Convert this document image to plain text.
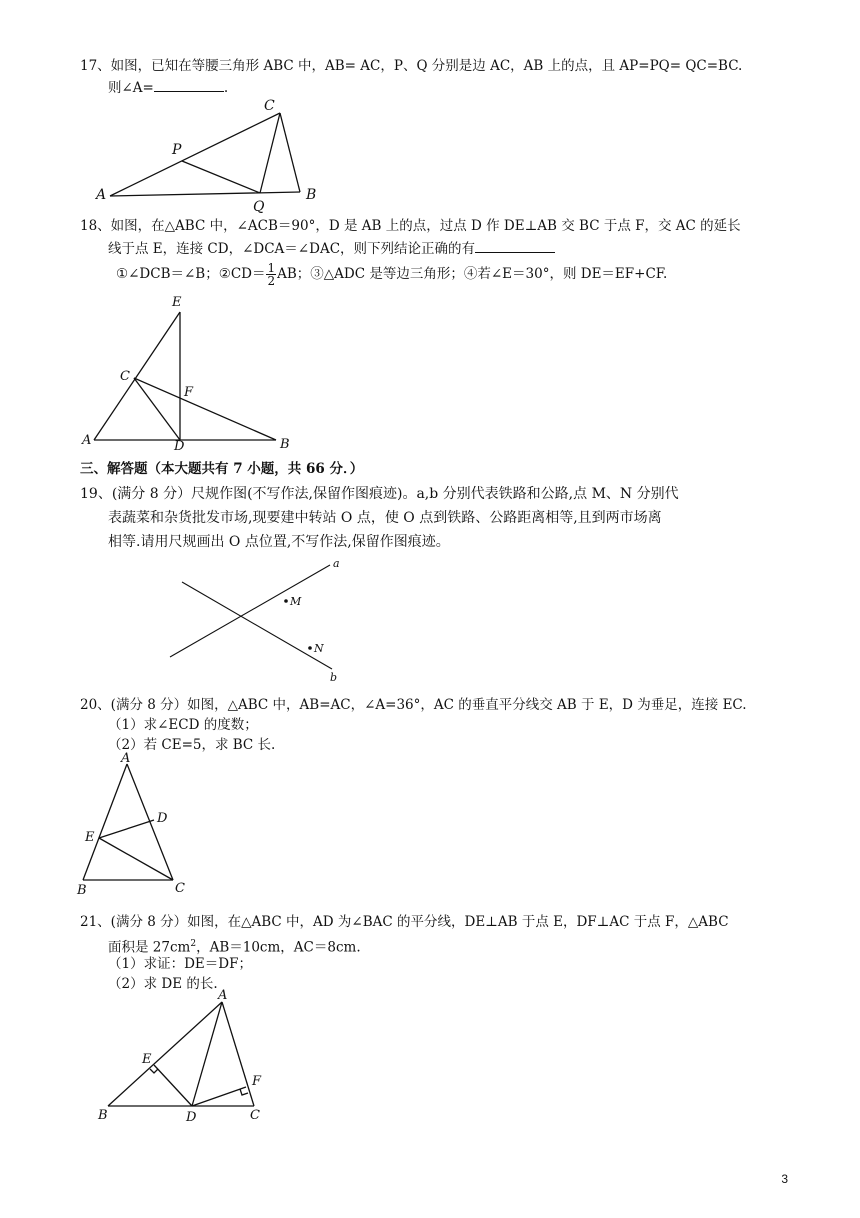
17、如图，已知在等腰三角形 ABC 中，AB= AC，P、Q 分别是边 AC，AB 上的点，且 AP=PQ= QC=BC.
则∠A=	.
A	B
C
P
Q
18、如图，在△ABC 中，∠ACB＝90°，D 是 AB 上的点，过点 D 作 DE⊥AB 交 BC 于点 F，交 AC 的延长
线于点 E，连接 CD，∠DCA＝∠DAC，则下列结论正确的有
①∠DCB＝∠B；②CD＝ $\frac{1}{2}$ AB；③△ADC 是等边三角形；④若∠E＝30°，则 DE＝EF+CF.
A	B
C
D
E
F
三、解答题（本大题共有 7 小题，共 66 分．）
19、(满分 8 分）尺规作图(不写作法,保留作图痕迹)。a,b 分别代表铁路和公路,点 M、N 分别代
表蔬菜和杂货批发市场,现要建中转站 O 点，使 O 点到铁路、公路距离相等,且到两市场离
相等.请用尺规画出 O 点位置,不写作法,保留作图痕迹。
a
b
M
N
20、(满分 8 分）如图，△ABC 中，AB=AC，∠A=36°，AC 的垂直平分线交 AB 于 E，D 为垂足，连接 EC.
（1）求∠ECD 的度数；
（2）若 CE=5，求 BC 长.
A
B	C
D
E
21、(满分 8 分）如图，在△ABC 中，AD 为∠BAC 的平分线，DE⊥AB 于点 E，DF⊥AC 于点 F，△ABC
面积是 $27cm^2$，AB＝10cm，AC＝8cm.
（1）求证：DE＝DF；
（2）求 DE 的长.
A
B	C
D
E
F
3
